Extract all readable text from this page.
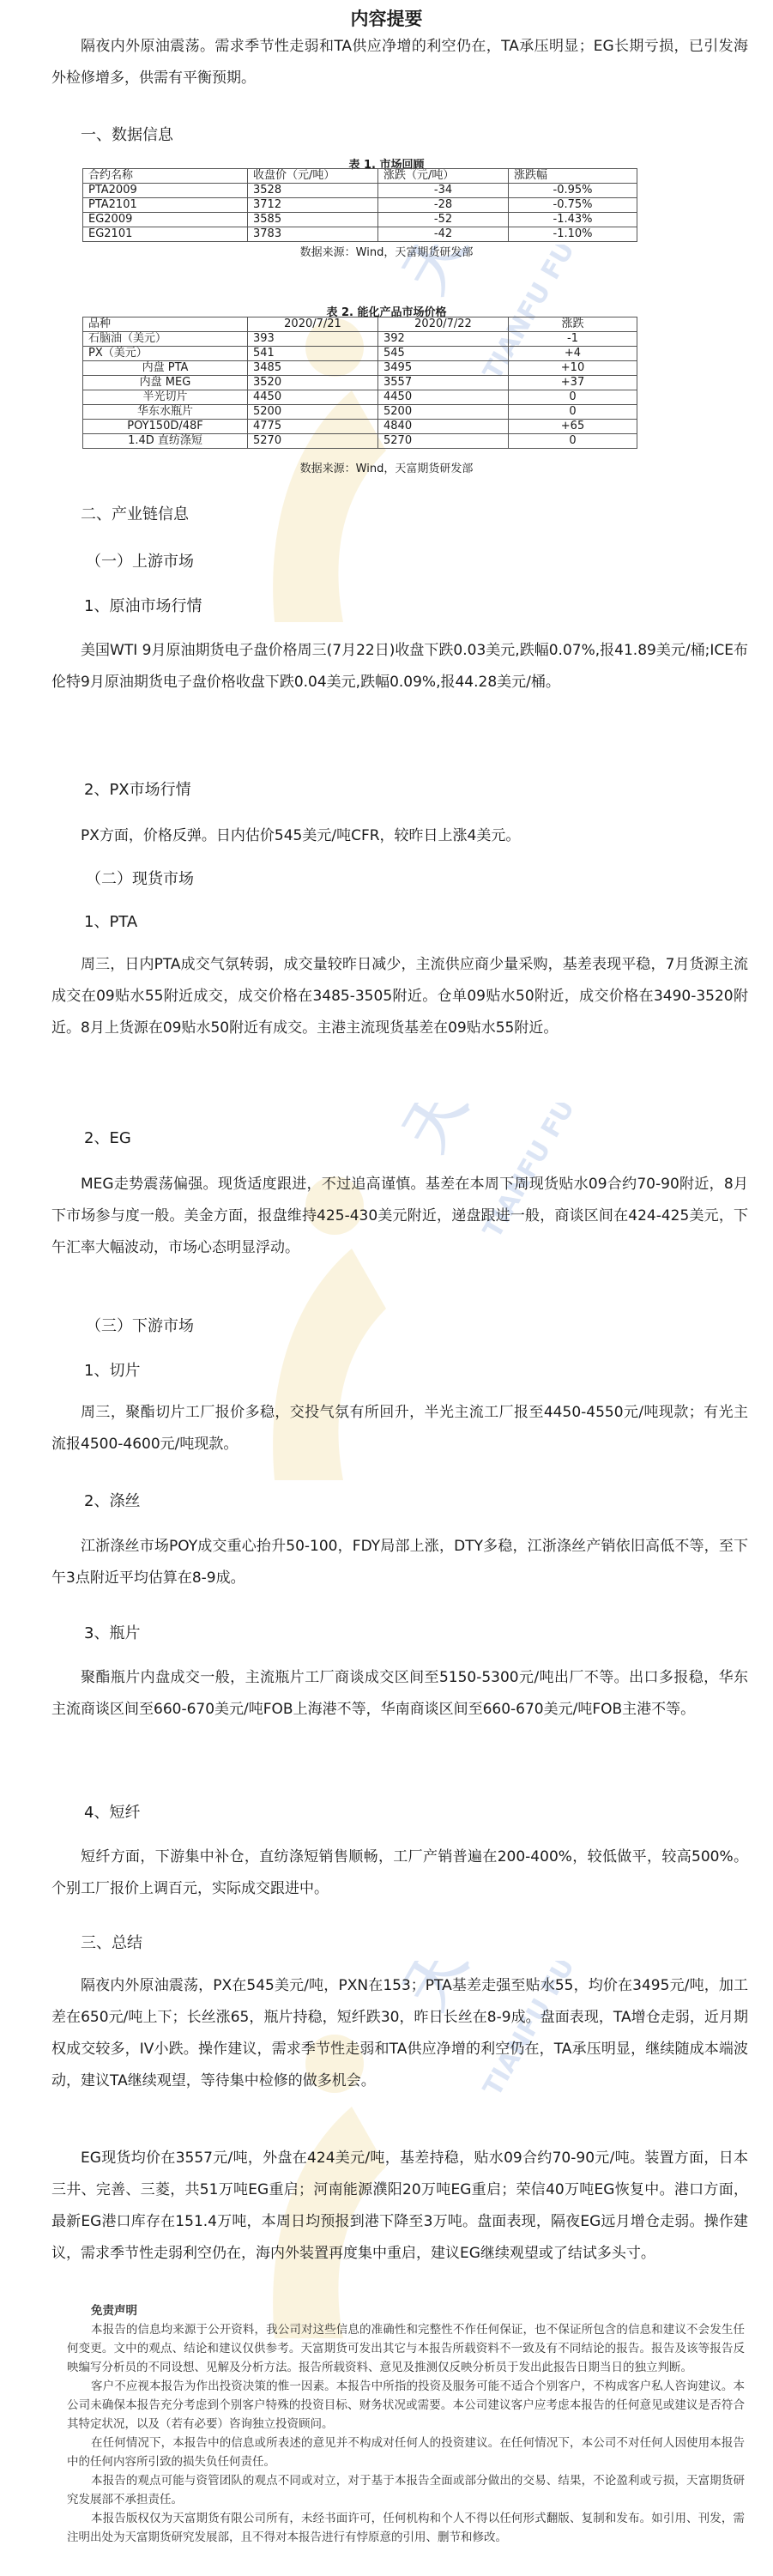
TIANFU
TIANFU
TIANFU
内容提要

隔夜内外原油震荡。需求季节性走弱和TA供应净增的利空仍在，TA承压明显；EG长期亏损，已引发海外检修增多，供需有平衡预期。

一、数据信息

表 1. 市场回顾
合约名称	收盘价（元/吨）	涨跌（元/吨）	涨跌幅
PTA2009	3528	-34	-0.95%
PTA2101	3712	-28	-0.75%
EG2009	3585	-52	-1.43%
EG2101	3783	-42	-1.10%
数据来源：Wind，天富期货研发部
表 2. 能化产品市场价格
品种	2020/7/21	2020/7/22	涨跌
石脑油（美元）	393	392	-1
PX（美元）	541	545	+4
内盘 PTA	3485	3495	+10
内盘 MEG	3520	3557	+37
半光切片	4450	4450	0
华东水瓶片	5200	5200	0
POY150D/48F	4775	4840	+65
1.4D 直纺涤短	5270	5270	0
数据来源：Wind，天富期货研发部

二、产业链信息

（一）上游市场

1、原油市场行情

美国WTI 9月原油期货电子盘价格周三(7月22日)收盘下跌0.03美元,跌幅0.07%,报41.89美元/桶;ICE布伦特9月原油期货电子盘价格收盘下跌0.04美元,跌幅0.09%,报44.28美元/桶。

2、PX市场行情

PX方面，价格反弹。日内估价545美元/吨CFR，较昨日上涨4美元。

（二）现货市场

1、PTA

周三，日内PTA成交气氛转弱，成交量较昨日减少，主流供应商少量采购，基差表现平稳，7月货源主流成交在09贴水55附近成交，成交价格在3485-3505附近。仓单09贴水50附近，成交价格在3490-3520附近。8月上货源在09贴水50附近有成交。主港主流现货基差在09贴水55附近。

2、EG

MEG走势震荡偏强。现货适度跟进，不过追高谨慎。基差在本周下周现货贴水09合约70-90附近，8月下市场参与度一般。美金方面，报盘维持425-430美元附近，递盘跟进一般，商谈区间在424-425美元，下午汇率大幅波动，市场心态明显浮动。

（三）下游市场

1、切片

周三，聚酯切片工厂报价多稳，交投气氛有所回升，半光主流工厂报至4450-4550元/吨现款；有光主流报4500-4600元/吨现款。

2、涤丝

江浙涤丝市场POY成交重心抬升50-100，FDY局部上涨，DTY多稳，江浙涤丝产销依旧高低不等，至下午3点附近平均估算在8-9成。

3、瓶片

聚酯瓶片内盘成交一般，主流瓶片工厂商谈成交区间至5150-5300元/吨出厂不等。出口多报稳，华东主流商谈区间至660-670美元/吨FOB上海港不等，华南商谈区间至660-670美元/吨FOB主港不等。

4、短纤

短纤方面，下游集中补仓，直纺涤短销售顺畅，工厂产销普遍在200-400%，较低做平，较高500%。个别工厂报价上调百元，实际成交跟进中。

三、总结

隔夜内外原油震荡，PX在545美元/吨，PXN在153；PTA基差走强至贴水55，均价在3495元/吨，加工差在650元/吨上下；长丝涨65，瓶片持稳，短纤跌30，昨日长丝在8-9成。盘面表现，TA增仓走弱，近月期权成交较多，IV小跌。操作建议，需求季节性走弱和TA供应净增的利空仍在，TA承压明显，继续随成本端波动，建议TA继续观望，等待集中检修的做多机会。

EG现货均价在3557元/吨，外盘在424美元/吨，基差持稳，贴水09合约70-90元/吨。装置方面，日本三井、完善、三菱，共51万吨EG重启；河南能源濮阳20万吨EG重启；荣信40万吨EG恢复中。港口方面，最新EG港口库存在151.4万吨，本周日均预报到港下降至3万吨。盘面表现，隔夜EG远月增仓走弱。操作建议，需求季节性走弱利空仍在，海内外装置再度集中重启，建议EG继续观望或了结试多头寸。

免责声明

本报告的信息均来源于公开资料，我公司对这些信息的准确性和完整性不作任何保证，也不保证所包含的信息和建议不会发生任何变更。文中的观点、结论和建议仅供参考。天富期货可发出其它与本报告所载资料不一致及有不同结论的报告。报告及该等报告反映编写分析员的不同设想、见解及分析方法。报告所载资料、意见及推测仅反映分析员于发出此报告日期当日的独立判断。

客户不应视本报告为作出投资决策的惟一因素。本报告中所指的投资及服务可能不适合个别客户，不构成客户私人咨询建议。本公司未确保本报告充分考虑到个别客户特殊的投资目标、财务状况或需要。本公司建议客户应考虑本报告的任何意见或建议是否符合其特定状况，以及（若有必要）咨询独立投资顾问。

在任何情况下，本报告中的信息或所表述的意见并不构成对任何人的投资建议。在任何情况下，本公司不对任何人因使用本报告中的任何内容所引致的损失负任何责任。

本报告的观点可能与资管团队的观点不同或对立，对于基于本报告全面或部分做出的交易、结果，不论盈利或亏损，天富期货研究发展部不承担责任。

本报告版权仅为天富期货有限公司所有，未经书面许可，任何机构和个人不得以任何形式翻版、复制和发布。如引用、刊发，需注明出处为天富期货研究发展部，且不得对本报告进行有悖原意的引用、删节和修改。
